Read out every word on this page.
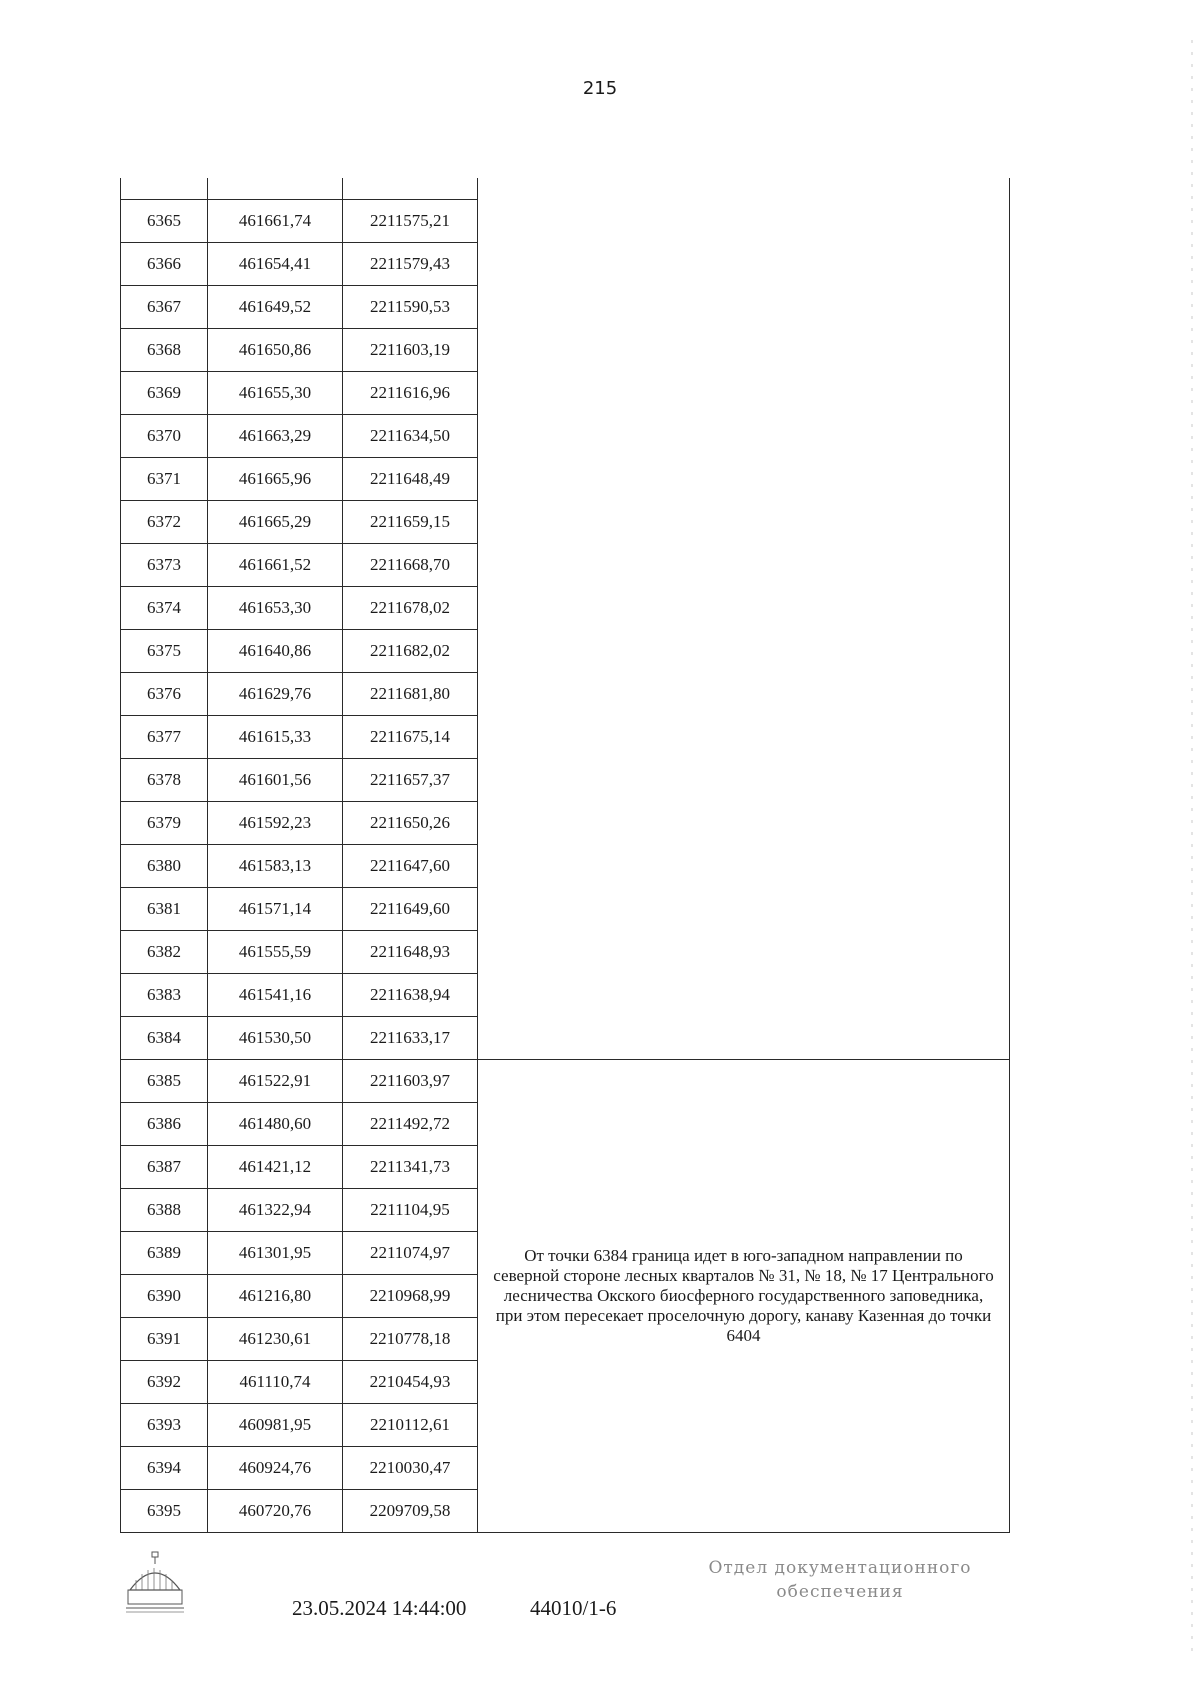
215

6365	461661,74	2211575,21	
6366	461654,41	2211579,43	
6367	461649,52	2211590,53	
6368	461650,86	2211603,19	
6369	461655,30	2211616,96	
6370	461663,29	2211634,50	
6371	461665,96	2211648,49	
6372	461665,29	2211659,15	
6373	461661,52	2211668,70	
6374	461653,30	2211678,02	
6375	461640,86	2211682,02	
6376	461629,76	2211681,80	
6377	461615,33	2211675,14	
6378	461601,56	2211657,37	
6379	461592,23	2211650,26	
6380	461583,13	2211647,60	
6381	461571,14	2211649,60	
6382	461555,59	2211648,93	
6383	461541,16	2211638,94	
6384	461530,50	2211633,17	
6385	461522,91	2211603,97	От точки 6384 граница идет в юго-западном направлении по северной стороне лесных кварталов № 31, № 18, № 17 Центрального лесничества Окского биосферного государственного заповедника, при этом пересекает проселочную дорогу, канаву Казенная до точки 6404
6386	461480,60	2211492,72	
6387	461421,12	2211341,73	
6388	461322,94	2211104,95	
6389	461301,95	2211074,97	
6390	461216,80	2210968,99	
6391	461230,61	2210778,18	
6392	461110,74	2210454,93	
6393	460981,95	2210112,61	
6394	460924,76	2210030,47	
6395	460720,76	2209709,58	
23.05.2024 14:44:00	44010/1-6
Отдел документационного
обеспечения
